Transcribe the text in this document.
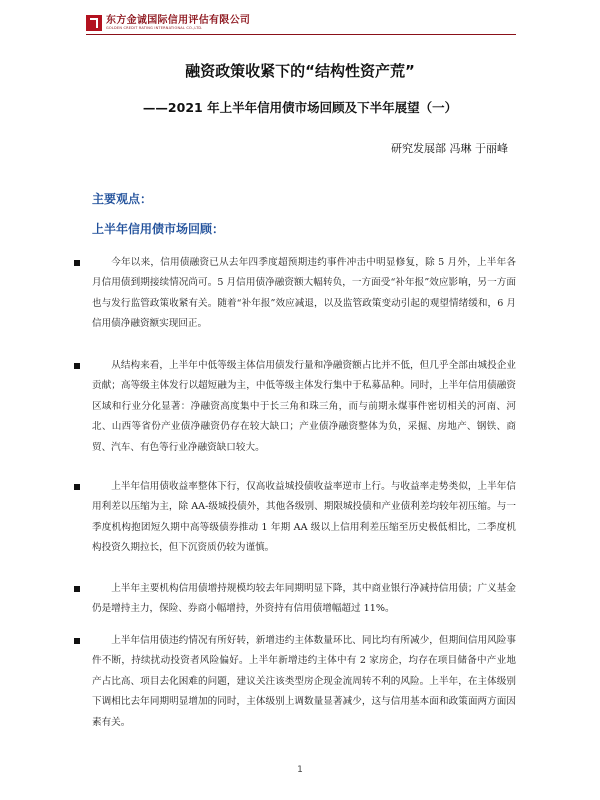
东方金诚国际信用评估有限公司
GOLDEN CREDIT RATING INTERNATIONAL CO.,LTD.
融资政策收紧下的“结构性资产荒”
——2021 年上半年信用债市场回顾及下半年展望（一）
研究发展部 冯琳 于丽峰
主要观点：
上半年信用债市场回顾：
今年以来，信用债融资已从去年四季度超预期违约事件冲击中明显修复，除 5 月外，上半年各月信用债到期接续情况尚可。5 月信用债净融资额大幅转负，一方面受“补年报”效应影响，另一方面也与发行监管政策收紧有关。随着“补年报”效应减退，以及监管政策变动引起的观望情绪缓和，6 月信用债净融资额实现回正。
从结构来看，上半年中低等级主体信用债发行量和净融资额占比并不低，但几乎全部由城投企业贡献；高等级主体发行以超短融为主，中低等级主体发行集中于私募品种。同时，上半年信用债融资区域和行业分化显著：净融资高度集中于长三角和珠三角，而与前期永煤事件密切相关的河南、河北、山西等省份产业债净融资仍存在较大缺口；产业债净融资整体为负，采掘、房地产、钢铁、商贸、汽车、有色等行业净融资缺口较大。
上半年信用债收益率整体下行，仅高收益城投债收益率逆市上行。与收益率走势类似，上半年信用利差以压缩为主，除 AA-级城投债外，其他各级别、期限城投债和产业债利差均较年初压缩。与一季度机构抱团短久期中高等级债券推动 1 年期 AA 级以上信用利差压缩至历史极低相比，二季度机构投资久期拉长，但下沉资质仍较为谨慎。
上半年主要机构信用债增持规模均较去年同期明显下降，其中商业银行净减持信用债；广义基金仍是增持主力，保险、券商小幅增持，外资持有信用债增幅超过 11%。
上半年信用债违约情况有所好转，新增违约主体数量环比、同比均有所减少，但期间信用风险事件不断，持续扰动投资者风险偏好。上半年新增违约主体中有 2 家房企，均存在项目储备中产业地产占比高、项目去化困难的问题，建议关注该类型房企现金流周转不利的风险。上半年，在主体级别下调相比去年同期明显增加的同时，主体级别上调数量显著减少，这与信用基本面和政策面两方面因素有关。
1
